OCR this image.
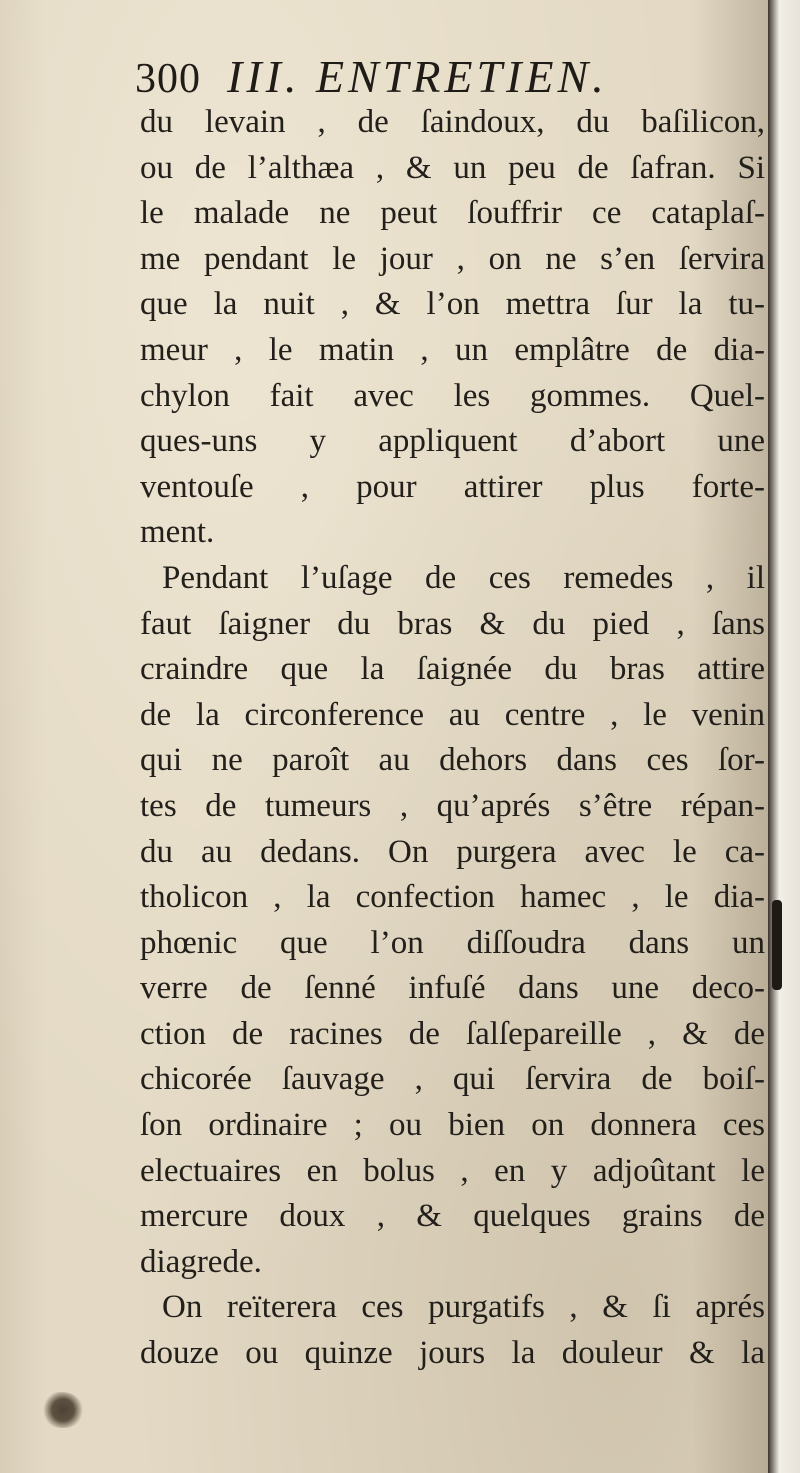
300 III. ENTRETIEN.
du levain , de ſaindoux, du baſilicon,
ou de l’althæa , & un peu de ſafran. Si
le malade ne peut ſouffrir ce cataplaſ-
me pendant le jour , on ne s’en ſervira
que la nuit , & l’on mettra ſur la tu-
meur , le matin , un emplâtre de dia-
chylon fait avec les gommes. Quel-
ques-uns y appliquent d’abort une
ventouſe , pour attirer plus forte-
ment.
Pendant l’uſage de ces remedes , il
faut ſaigner du bras & du pied , ſans
craindre que la ſaignée du bras attire
de la circonference au centre , le venin
qui ne paroît au dehors dans ces ſor-
tes de tumeurs , qu’aprés s’être répan-
du au dedans. On purgera avec le ca-
tholicon , la confection hamec , le dia-
phœnic que l’on diſſoudra dans un
verre de ſenné infuſé dans une deco-
ction de racines de ſalſepareille , & de
chicorée ſauvage , qui ſervira de boiſ-
ſon ordinaire ; ou bien on donnera ces
electuaires en bolus , en y adjoûtant le
mercure doux , & quelques grains de
diagrede.
On reïterera ces purgatifs , & ſi aprés
douze ou quinze jours la douleur & la
